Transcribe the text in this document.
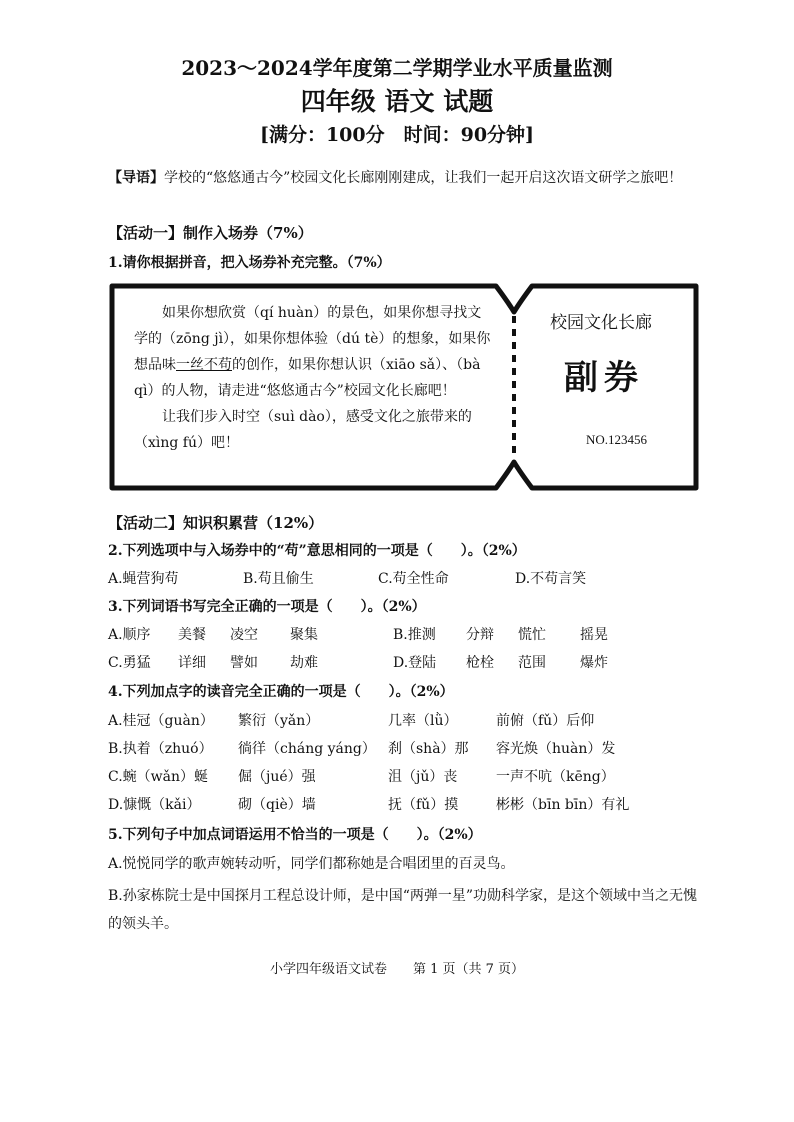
2023～2024学年度第二学期学业水平质量监测
四年级 语文 试题
[满分：100分　时间：90分钟]
【导语】学校的“悠悠通古今”校园文化长廊刚刚建成，让我们一起开启这次语文研学之旅吧！
【活动一】制作入场券（7%）
1.请你根据拼音，把入场券补充完整。（7%）

如果你想欣赏（qí huàn）的景色，如果你想寻找文学的（zōng jì），如果你想体验（dú tè）的想象，如果你想品味一丝不苟的创作，如果你想认识（xiāo sǎ）、（bà qì）的人物，请走进“悠悠通古今”校园文化长廊吧！

让我们步入时空（suì dào），感受文化之旅带来的（xìng fú）吧！

校园文化长廊
副券
NO.123456
【活动二】知识积累营（12%）
2.下列选项中与入场券中的“苟”意思相同的一项是（　　）。（2%）
A.蝇营狗苟	B.苟且偷生	C.苟全性命	D.不苟言笑
3.下列词语书写完全正确的一项是（　　）。（2%）
A.顺序 美餐 凌空 聚集	B.推测 分辩 慌忙 摇晃
C.勇猛 详细 譬如 劫难	D.登陆 枪栓 范围 爆炸
4.下列加点字的读音完全正确的一项是（　　）。（2%）
A.桂冠（guàn） 繁衍（yǎn）	几率（lǜ）	前俯（fǔ）后仰
B.执着（zhuó） 徜徉（cháng yáng） 刹（shà）那 容光焕（huàn）发
C.蜿（wǎn）蜒 倔（jué）强	沮（jǔ）丧	一声不吭（kēng）
D.慷慨（kǎi）	砌（qiè）墙	抚（fǔ）摸	彬彬（bīn bīn）有礼
5.下列句子中加点词语运用不恰当的一项是（　　）。（2%）
A.悦悦同学的歌声婉转动听，同学们都称她是合唱团里的百灵鸟。
B.孙家栋院士是中国探月工程总设计师，是中国“两弹一星”功勋科学家，是这个领域中当之无愧的领头羊。
小学四年级语文试卷　　第 1 页（共 7 页）
